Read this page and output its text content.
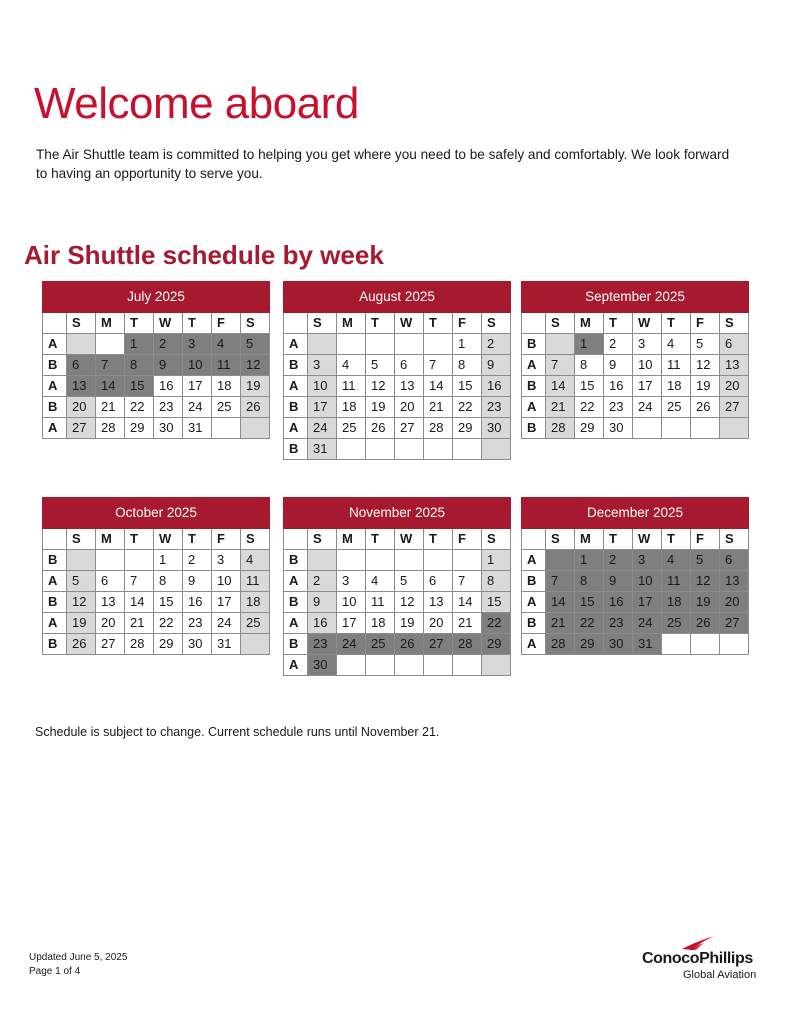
Welcome aboard

The Air Shuttle team is committed to helping you get where you need to be safely and comfortably. We look forward to having an opportunity to serve you.

Air Shuttle schedule by week
July 2025							
	S	M	T	W	T	F	S
A			1	2	3	4	5
B	6	7	8	9	10	11	12
A	13	14	15	16	17	18	19
B	20	21	22	23	24	25	26
A	27	28	29	30	31		
August 2025							
	S	M	T	W	T	F	S
A						1	2
B	3	4	5	6	7	8	9
A	10	11	12	13	14	15	16
B	17	18	19	20	21	22	23
A	24	25	26	27	28	29	30
B	31						
September 2025							
	S	M	T	W	T	F	S
B		1	2	3	4	5	6
A	7	8	9	10	11	12	13
B	14	15	16	17	18	19	20
A	21	22	23	24	25	26	27
B	28	29	30				
October 2025							
	S	M	T	W	T	F	S
B				1	2	3	4
A	5	6	7	8	9	10	11
B	12	13	14	15	16	17	18
A	19	20	21	22	23	24	25
B	26	27	28	29	30	31	
November 2025							
	S	M	T	W	T	F	S
B							1
A	2	3	4	5	6	7	8
B	9	10	11	12	13	14	15
A	16	17	18	19	20	21	22
B	23	24	25	26	27	28	29
A	30						
December 2025							
	S	M	T	W	T	F	S
A		1	2	3	4	5	6
B	7	8	9	10	11	12	13
A	14	15	16	17	18	19	20
B	21	22	23	24	25	26	27
A	28	29	30	31			

Schedule is subject to change. Current schedule runs until November 21.

Updated June 5, 2025
Page 1 of 4
ConocoPhillips
Global Aviation
